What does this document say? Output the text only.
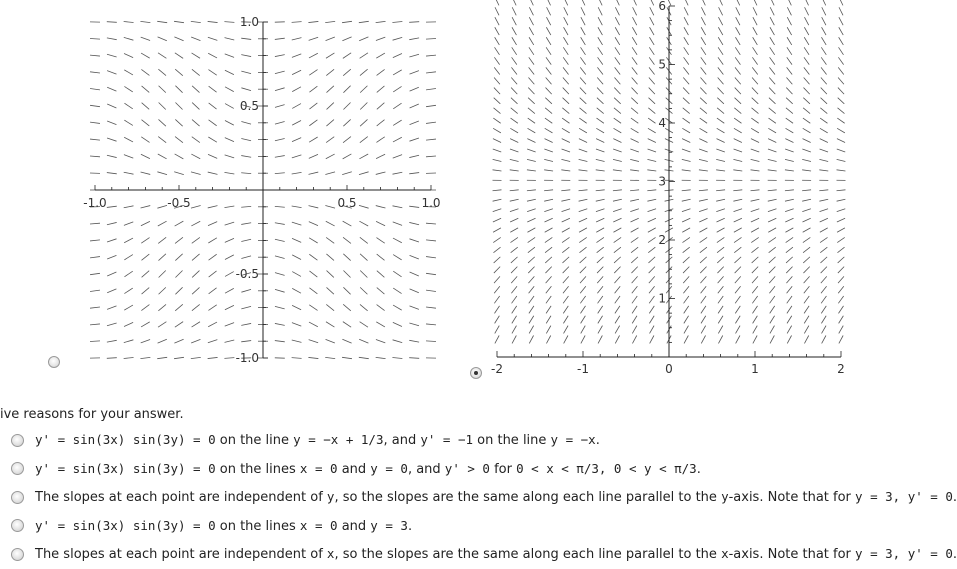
-1.0	-0.5	0.5	1.0
1.0
0.5
-0.5
-1.0
-2	-1	0	1	2
6
5
4
3
2
1
ive reasons for your answer.
y' = sin(3x) sin(3y) = 0 on the line y = −x + 1/3, and y' = −1 on the line y = −x.
y' = sin(3x) sin(3y) = 0 on the lines x = 0 and y = 0, and y' > 0 for 0 < x < π/3, 0 < y < π/3.
The slopes at each point are independent of y, so the slopes are the same along each line parallel to the y-axis. Note that for y = 3, y' = 0.
y' = sin(3x) sin(3y) = 0 on the lines x = 0 and y = 3.
The slopes at each point are independent of x, so the slopes are the same along each line parallel to the x-axis. Note that for y = 3, y' = 0.
